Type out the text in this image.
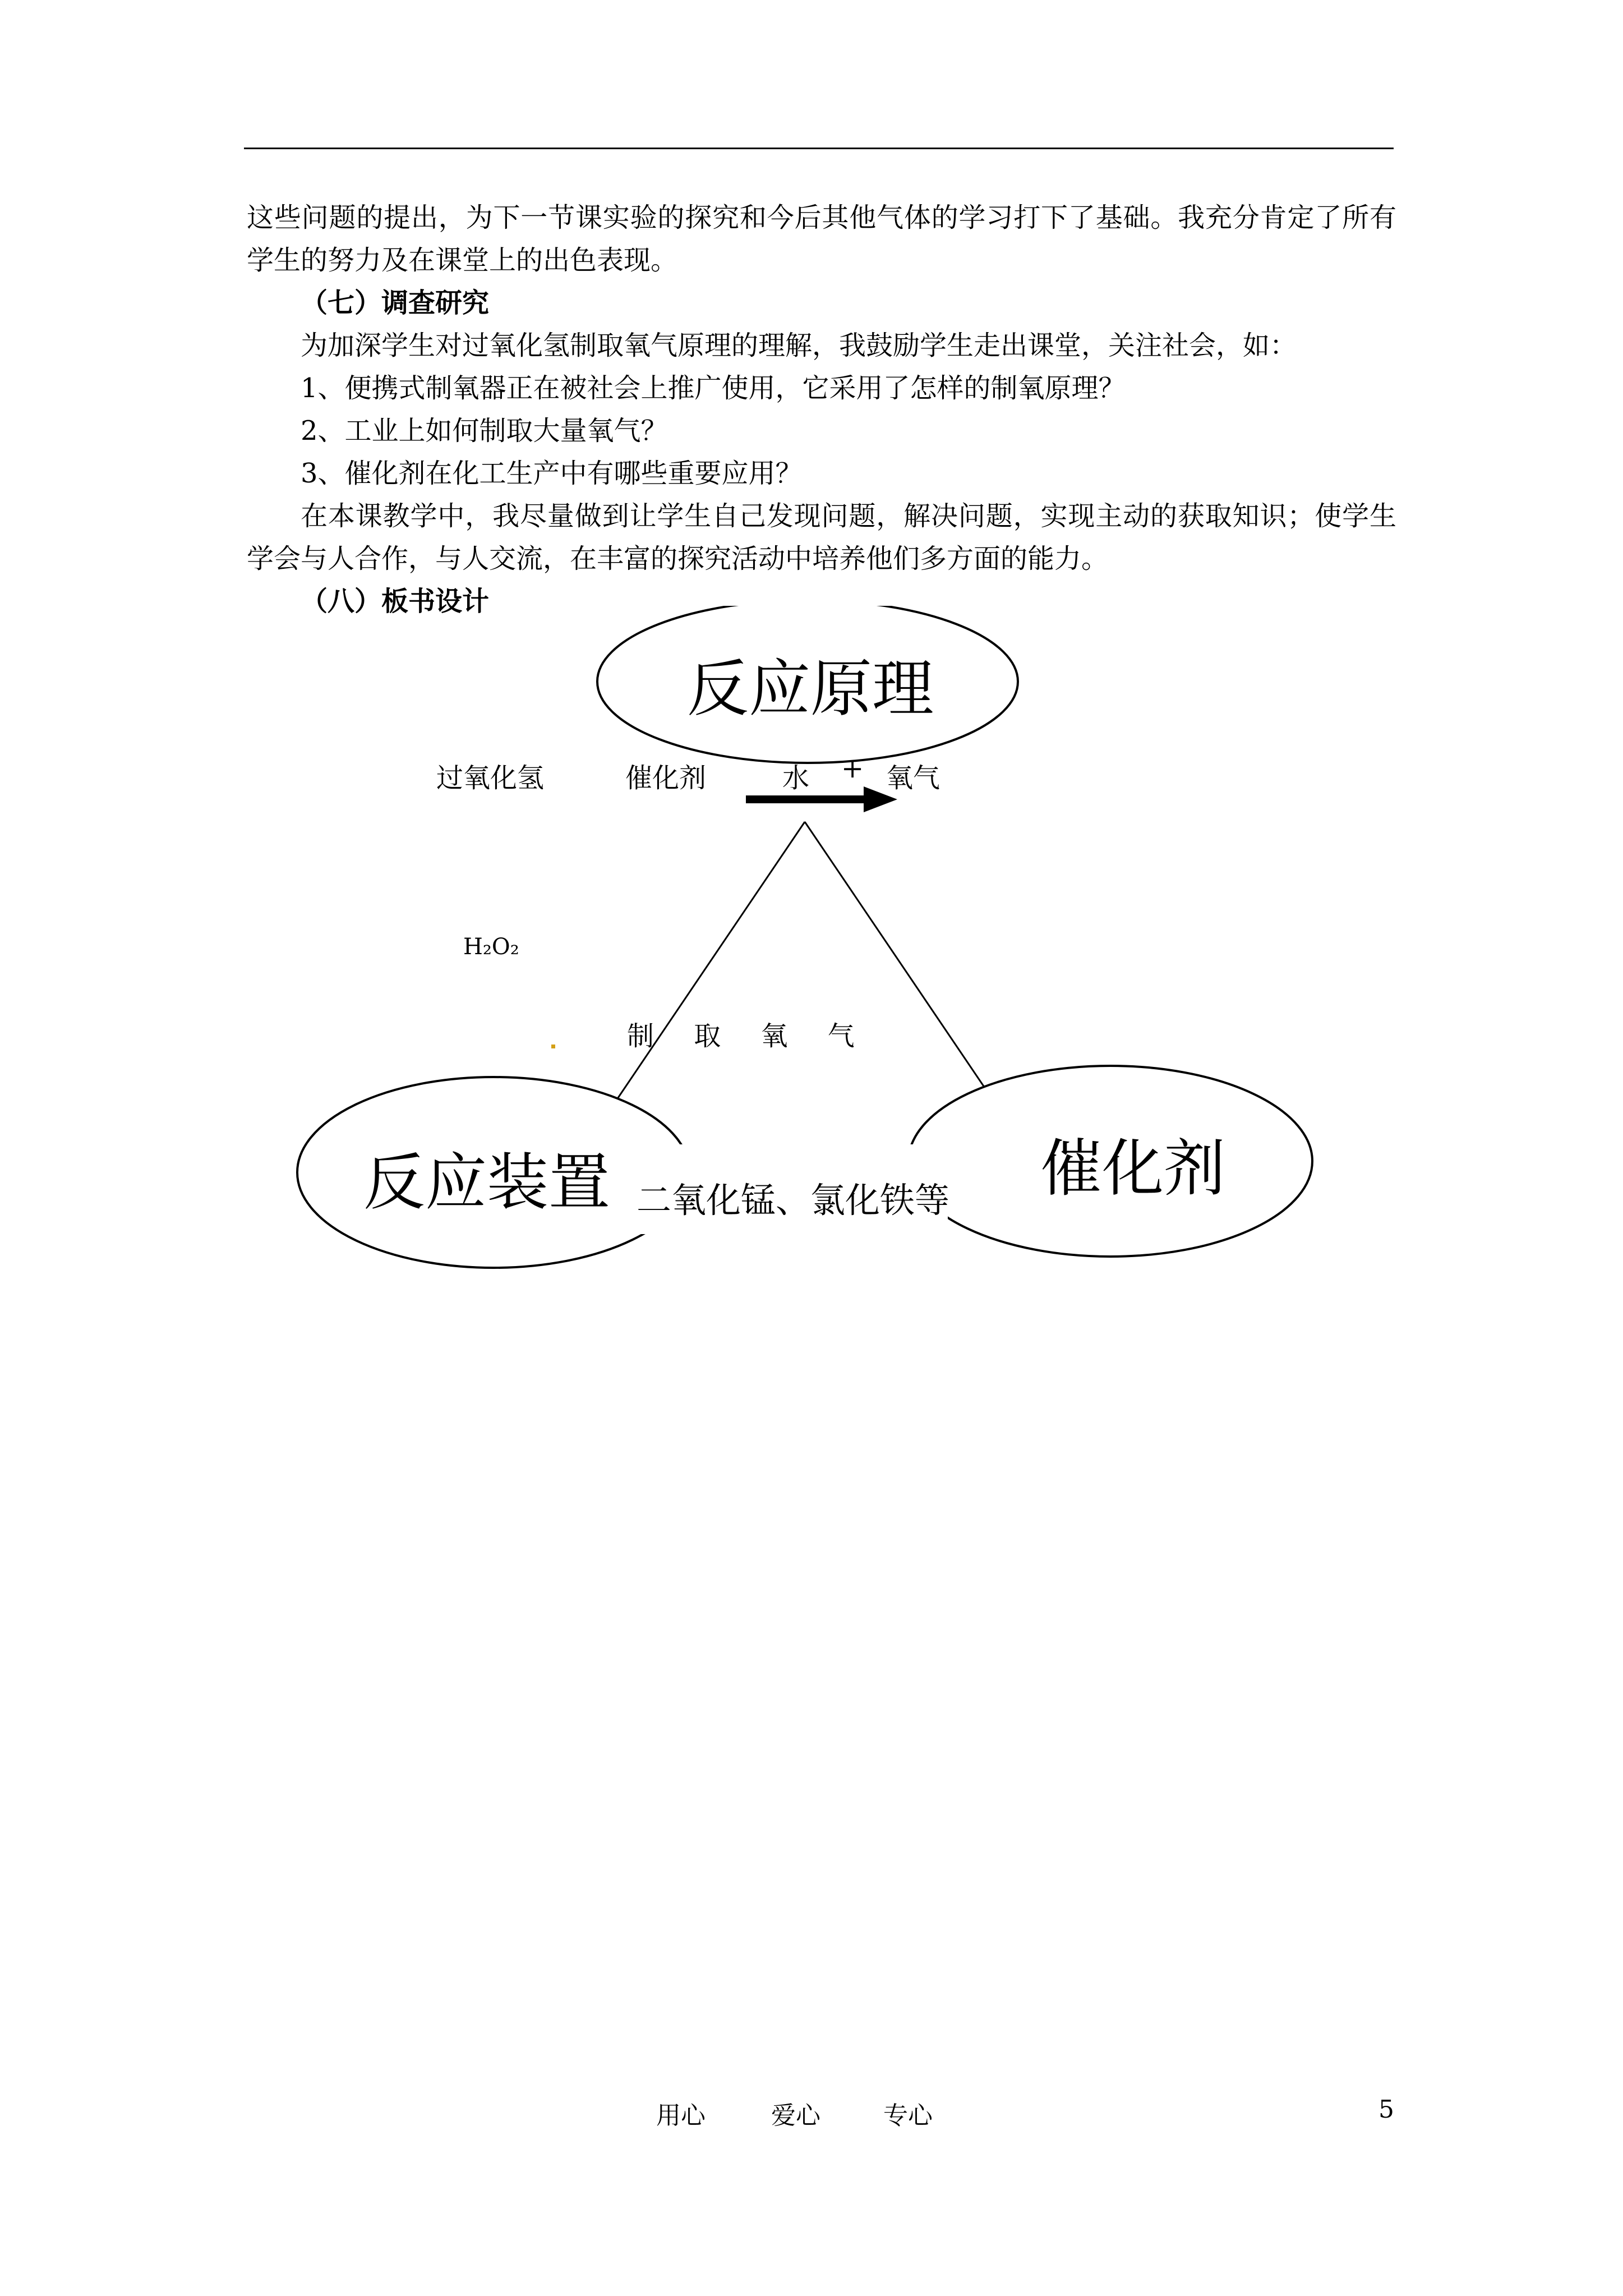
这些问题的提出，为下一节课实验的探究和今后其他气体的学习打下了基础。我充分肯定了所有学生的努力及在课堂上的出色表现。

（七）调查研究

为加深学生对过氧化氢制取氧气原理的理解，我鼓励学生走出课堂，关注社会，如：

1、便携式制氧器正在被社会上推广使用，它采用了怎样的制氧原理？

2、工业上如何制取大量氧气？

3、催化剂在化工生产中有哪些重要应用？

在本课教学中，我尽量做到让学生自己发现问题，解决问题，实现主动的获取知识；使学生学会与人合作，与人交流，在丰富的探究活动中培养他们多方面的能力。

（八）板书设计

反应原理
过氧化氢	催化剂	水 + 氧气
H₂O₂
制 取 氧 气
反应装置	催化剂
二氧化锰、氯化铁等
用心	爱心	专心	5
